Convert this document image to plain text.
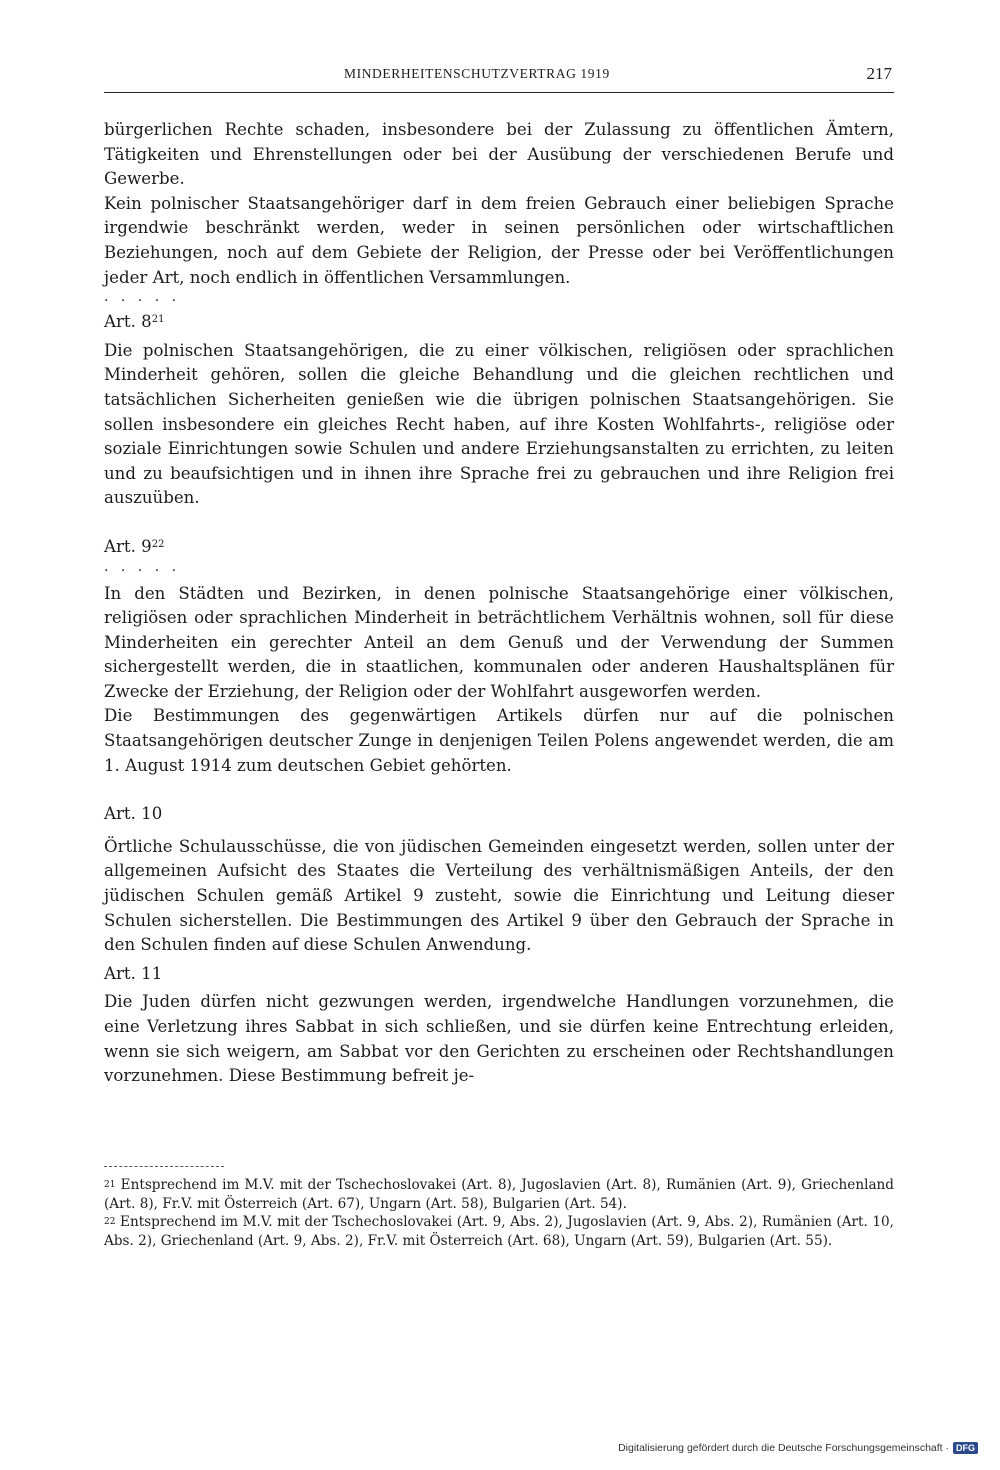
MINDERHEITENSCHUTZVERTRAG 1919	217

bürgerlichen Rechte schaden, insbesondere bei der Zulassung zu öffentlichen Ämtern, Tätigkeiten und Ehrenstellungen oder bei der Ausübung der verschiedenen Berufe und Gewerbe.

Kein polnischer Staatsangehöriger darf in dem freien Gebrauch einer beliebigen Sprache irgendwie beschränkt werden, weder in seinen persönlichen oder wirtschaftlichen Beziehungen, noch auf dem Gebiete der Religion, der Presse oder bei Veröffentlichungen jeder Art, noch endlich in öffentlichen Versammlungen.

. . . . .

Art. $8^{21}$

Die polnischen Staatsangehörigen, die zu einer völkischen, religiösen oder sprachlichen Minderheit gehören, sollen die gleiche Behandlung und die gleichen rechtlichen und tatsächlichen Sicherheiten genießen wie die übrigen polnischen Staatsangehörigen. Sie sollen insbesondere ein gleiches Recht haben, auf ihre Kosten Wohlfahrts-, religiöse oder soziale Einrichtungen sowie Schulen und andere Erziehungsanstalten zu errichten, zu leiten und zu beaufsichtigen und in ihnen ihre Sprache frei zu gebrauchen und ihre Religion frei auszuüben.

Art. $9^{22}$

. . . . .

In den Städten und Bezirken, in denen polnische Staatsangehörige einer völkischen, religiösen oder sprachlichen Minderheit in beträchtlichem Verhältnis wohnen, soll für diese Minderheiten ein gerechter Anteil an dem Genuß und der Verwendung der Summen sichergestellt werden, die in staatlichen, kommunalen oder anderen Haushaltsplänen für Zwecke der Erziehung, der Religion oder der Wohlfahrt ausgeworfen werden.

Die Bestimmungen des gegenwärtigen Artikels dürfen nur auf die polnischen Staatsangehörigen deutscher Zunge in denjenigen Teilen Polens angewendet werden, die am 1. August 1914 zum deutschen Gebiet gehörten.

Art. 10

Örtliche Schulausschüsse, die von jüdischen Gemeinden eingesetzt werden, sollen unter der allgemeinen Aufsicht des Staates die Verteilung des verhältnismäßigen Anteils, der den jüdischen Schulen gemäß Artikel 9 zusteht, sowie die Einrichtung und Leitung dieser Schulen sicherstellen. Die Bestimmungen des Artikel 9 über den Gebrauch der Sprache in den Schulen finden auf diese Schulen Anwendung.

Art. 11

Die Juden dürfen nicht gezwungen werden, irgendwelche Handlungen vorzunehmen, die eine Verletzung ihres Sabbat in sich schließen, und sie dürfen keine Entrechtung erleiden, wenn sie sich weigern, am Sabbat vor den Gerichten zu erscheinen oder Rechtshandlungen vorzunehmen. Diese Bestimmung befreit je-

$^{21}$ Entsprechend im M.V. mit der Tschechoslovakei (Art. 8), Jugoslavien (Art. 8), Rumänien (Art. 9), Griechenland (Art. 8), Fr.V. mit Österreich (Art. 67), Ungarn (Art. 58), Bulgarien (Art. 54).

$^{22}$ Entsprechend im M.V. mit der Tschechoslovakei (Art. 9, Abs. 2), Jugoslavien (Art. 9, Abs. 2), Rumänien (Art. 10, Abs. 2), Griechenland (Art. 9, Abs. 2), Fr.V. mit Österreich (Art. 68), Ungarn (Art. 59), Bulgarien (Art. 55).

Digitalisierung gefördert durch die Deutsche Forschungsgemeinschaft · DFG
